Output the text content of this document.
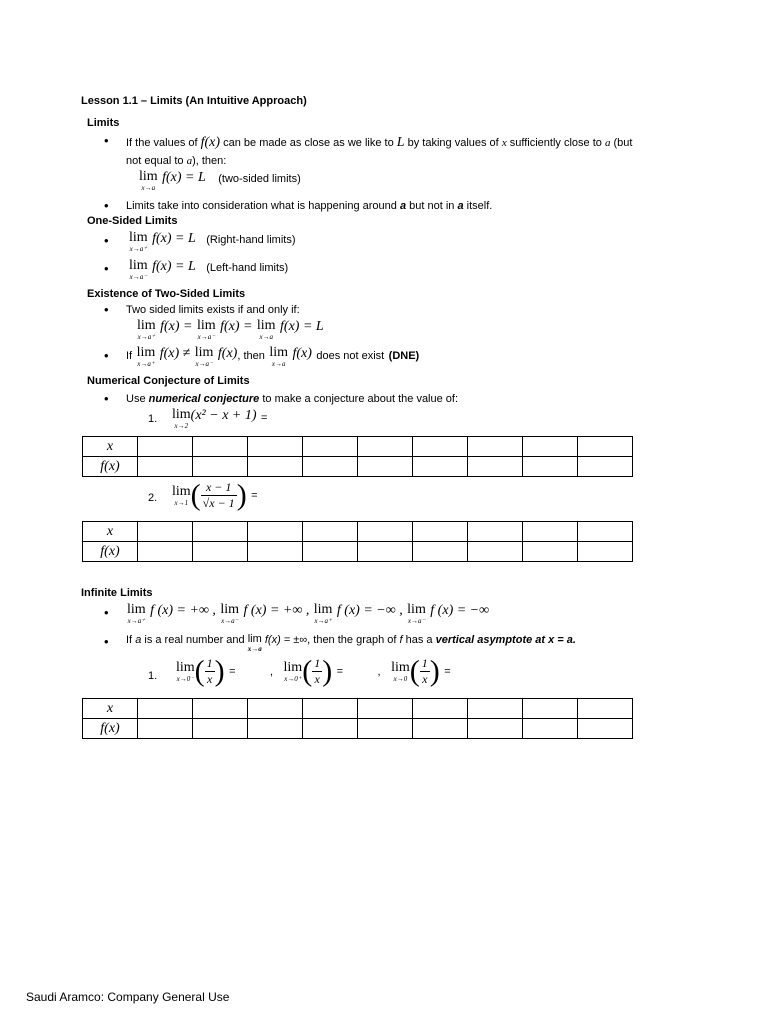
Lesson 1.1 – Limits (An Intuitive Approach)
Limits
• If the values of f(x) can be made as close as we like to L by taking values of x sufficiently close to a (but
not equal to a), then:
lim
x→a
f(x) = L $^{(two-sided limits)}$
• Limits take into consideration what is happening around a but not in a itself.
One-Sided Limits
• lim
x→a⁺
f(x) = L $^{(Right-hand limits)}$
• lim
x→a⁻
f(x) = L $^{(Left-hand limits)}$
Existence of Two-Sided Limits
• Two sided limits exists if and only if:
lim
x→a⁺
f(x) = lim
x→a⁻
f(x) = lim
x→a
f(x) = L
• $^{If}$ lim
x→a⁺
f(x) ≠ lim
x→a⁻
$f(x)^{, then}$ lim
x→a
f(x) $^{does not exist}$ $^{(DNE)}$
Numerical Conjecture of Limits
• Use numerical conjecture to make a conjecture about the value of:
1. lim
x→2
(x² − x + 1) =
x									
f(x)									
2. lim
x→1 ( $\frac{x - 1}{√x - 1}$ ) =
x									
f(x)									
Infinite Limits
• lim
x→a⁺
f (x) = +∞ , lim
x→a⁻
f (x) = +∞ , lim
x→a⁺
f (x) = −∞ , lim
x→a⁻
f (x) = −∞
• If a is a real number and lim
x→a
f(x) = ±∞, then the graph of f has a vertical asymptote at x = a.
1.
lim
x→0⁻ ( $\frac{1}{x}$ ) =	, lim
x→0⁺ ( $\frac{1}{x}$ ) =	, lim
x→0 ( $\frac{1}{x}$ ) =
x									
f(x)									
Saudi Aramco: Company General Use
